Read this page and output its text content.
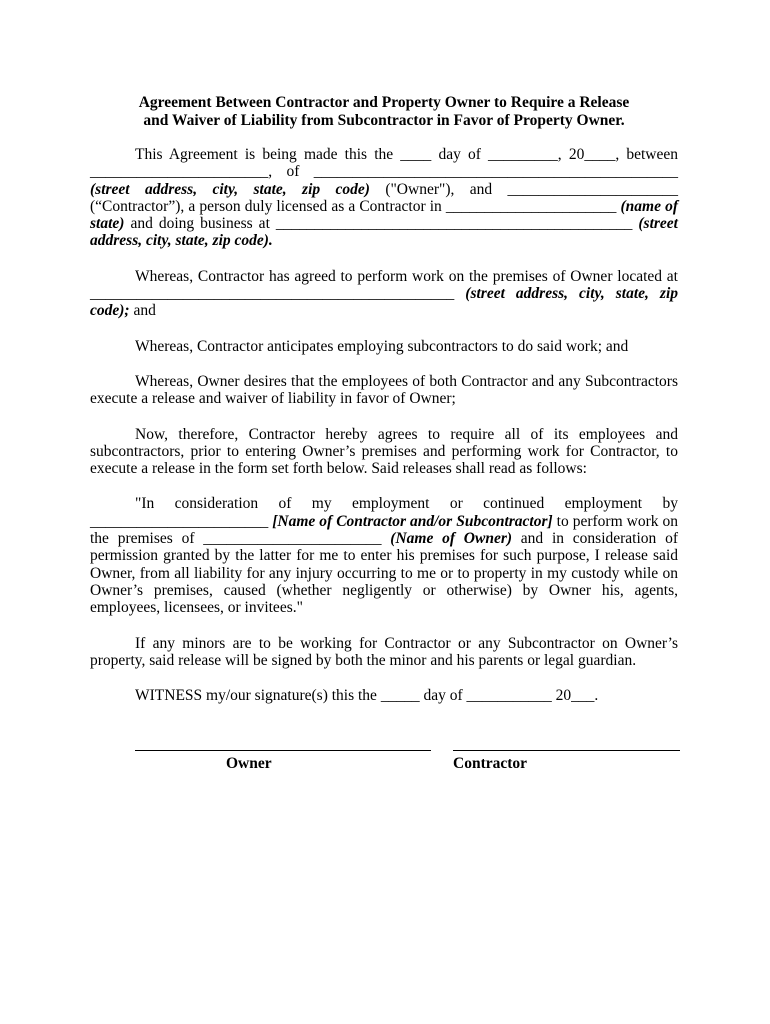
Agreement Between Contractor and Property Owner to Require a Release

and Waiver of Liability from Subcontractor in Favor of Property Owner.

This Agreement is being made this the ____ day of _________, 20____, between _______________________, of _______________________________________________ (street address, city, state, zip code) ("Owner"), and ______________________ (“Contractor”), a person duly licensed as a Contractor in ______________________ (name of state) and doing business at ______________________________________________ (street address, city, state, zip code).

Whereas, Contractor has agreed to perform work on the premises of Owner located at _______________________________________________ (street address, city, state, zip code); and

Whereas, Contractor anticipates employing subcontractors to do said work; and

Whereas, Owner desires that the employees of both Contractor and any Subcontractors execute a release and waiver of liability in favor of Owner;

Now, therefore, Contractor hereby agrees to require all of its employees and subcontractors, prior to entering Owner’s premises and performing work for Contractor, to execute a release in the form set forth below. Said releases shall read as follows:

"In consideration of my employment or continued employment by _______________________ [Name of Contractor and/or Subcontractor] to perform work on the premises of _______________________ (Name of Owner) and in consideration of permission granted by the latter for me to enter his premises for such purpose, I release said Owner, from all liability for any injury occurring to me or to property in my custody while on Owner’s premises, caused (whether negligently or otherwise) by Owner his, agents, employees, licensees, or invitees."

If any minors are to be working for Contractor or any Subcontractor on Owner’s property, said release will be signed by both the minor and his parents or legal guardian.

WITNESS my/our signature(s) this the _____ day of ___________ 20___.

Owner	Contractor
